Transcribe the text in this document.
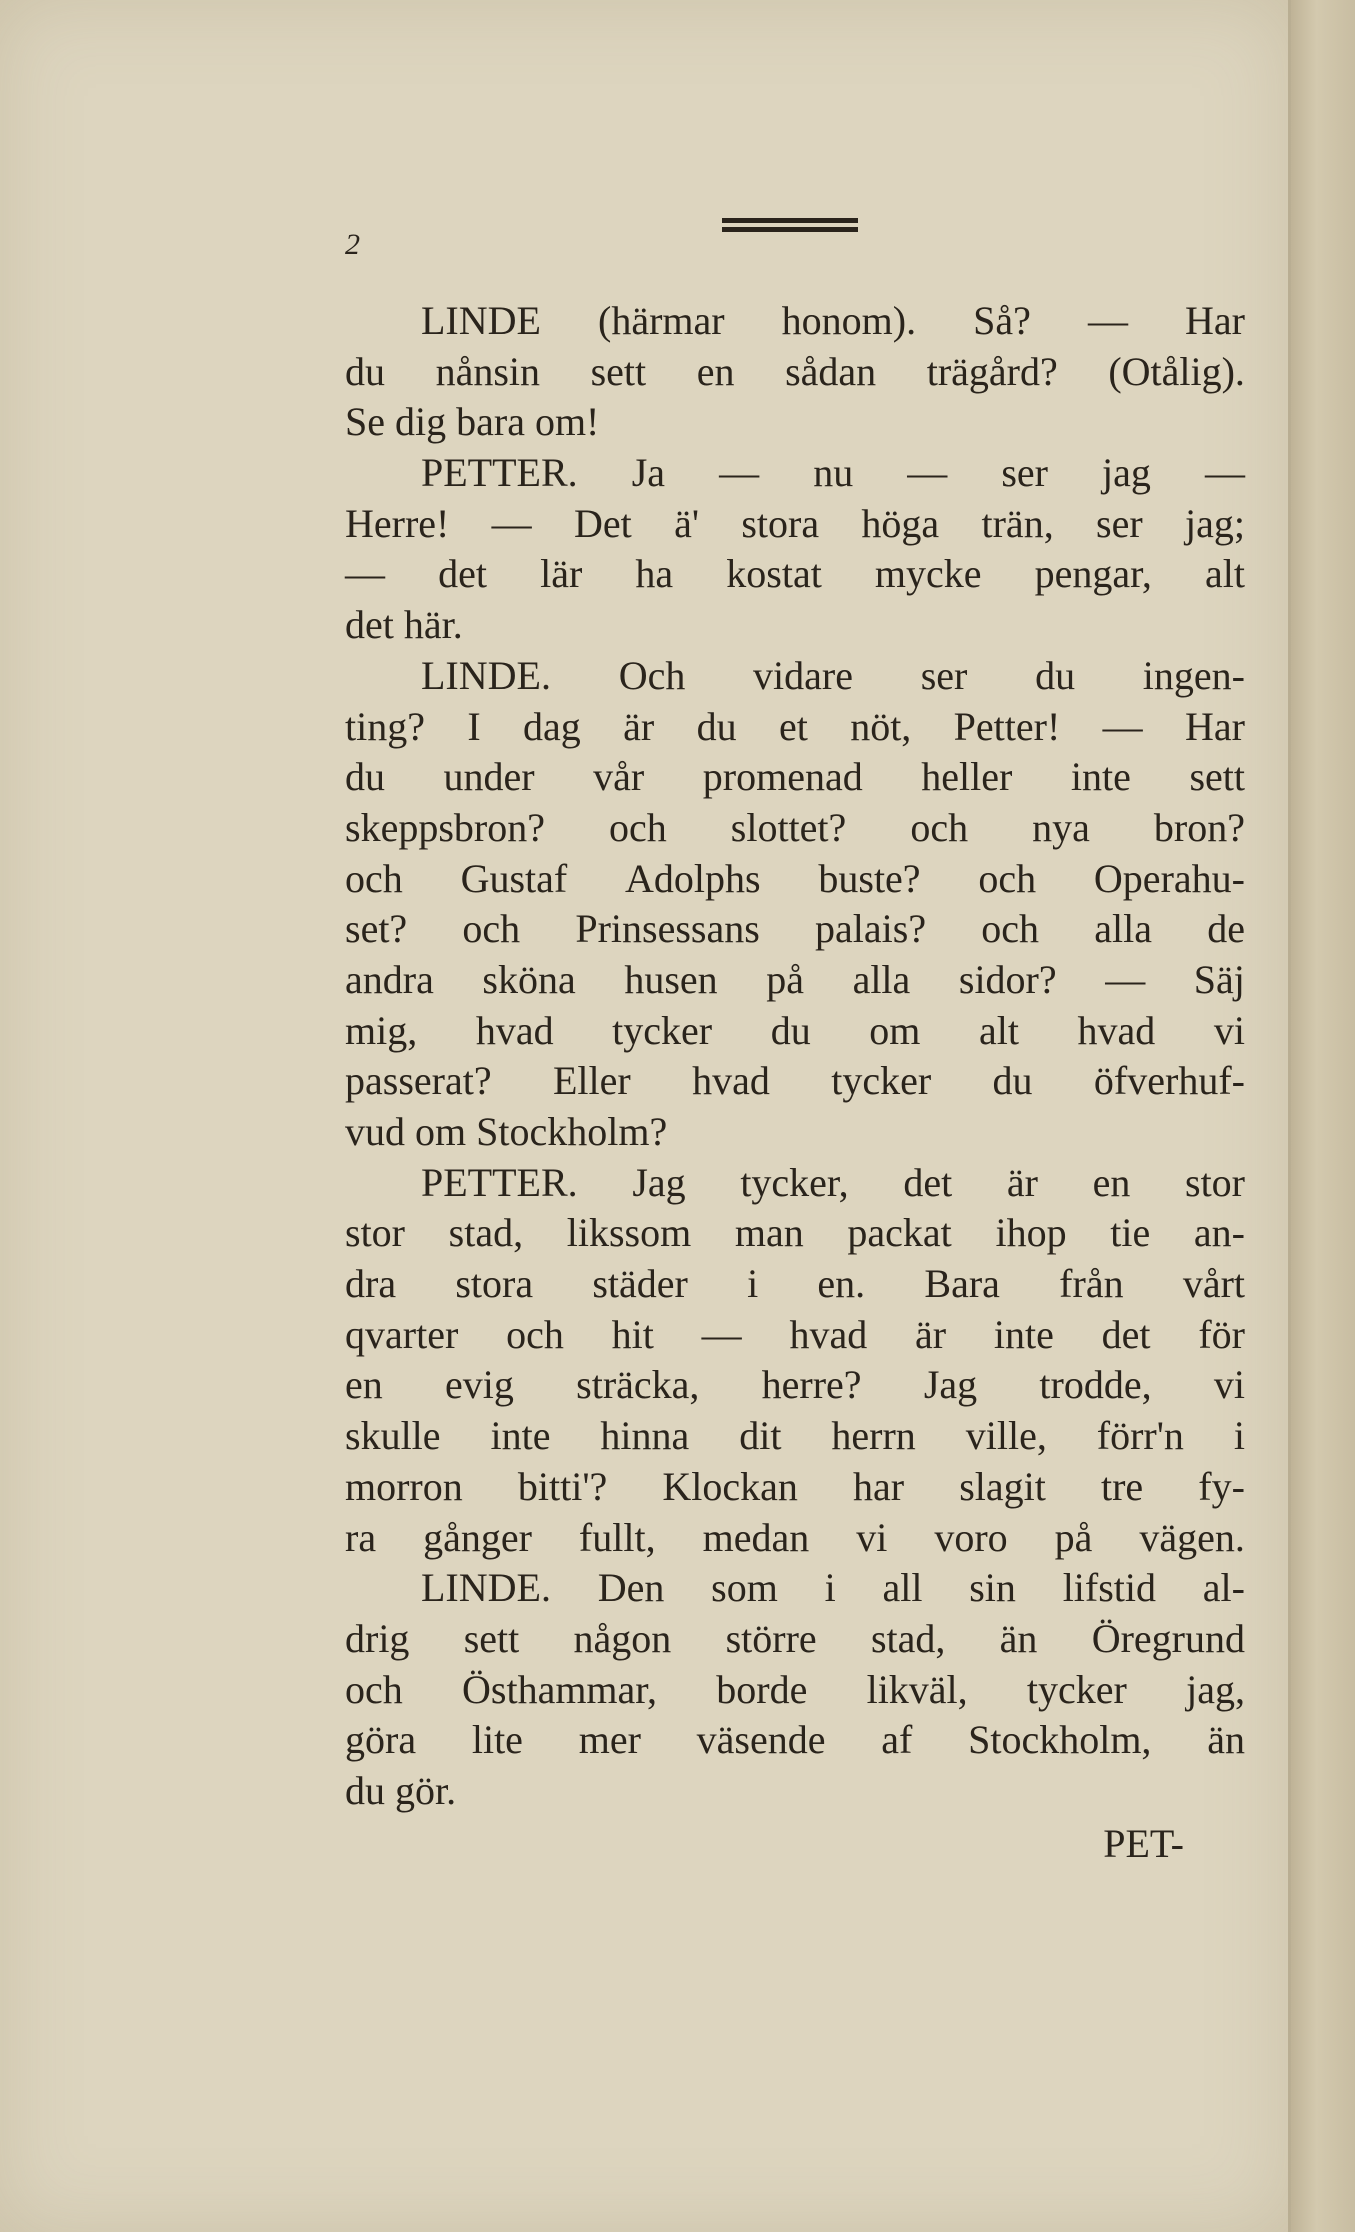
2
LINDE (härmar honom). Så? — Har
du nånsin sett en sådan trägård? (Otålig).
Se dig bara om!
PETTER. Ja — nu — ser jag —
Herre! — Det ä' stora höga trän, ser jag;
— det lär ha kostat mycke pengar, alt
det här.
LINDE. Och vidare ser du ingen-
ting? I dag är du et nöt, Petter! — Har
du under vår promenad heller inte sett
skeppsbron? och slottet? och nya bron?
och Gustaf Adolphs buste? och Operahu-
set? och Prinsessans palais? och alla de
andra sköna husen på alla sidor? — Säj
mig, hvad tycker du om alt hvad vi
passerat? Eller hvad tycker du öfverhuf-
vud om Stockholm?
PETTER. Jag tycker, det är en stor
stor stad, likssom man packat ihop tie an-
dra stora städer i en. Bara från vårt
qvarter och hit — hvad är inte det för
en evig sträcka, herre? Jag trodde, vi
skulle inte hinna dit herrn ville, förr'n i
morron bitti'? Klockan har slagit tre fy-
ra gånger fullt, medan vi voro på vägen.
LINDE. Den som i all sin lifstid al-
drig sett någon större stad, än Öregrund
och Östhammar, borde likväl, tycker jag,
göra lite mer väsende af Stockholm, än
du gör.
PET-
